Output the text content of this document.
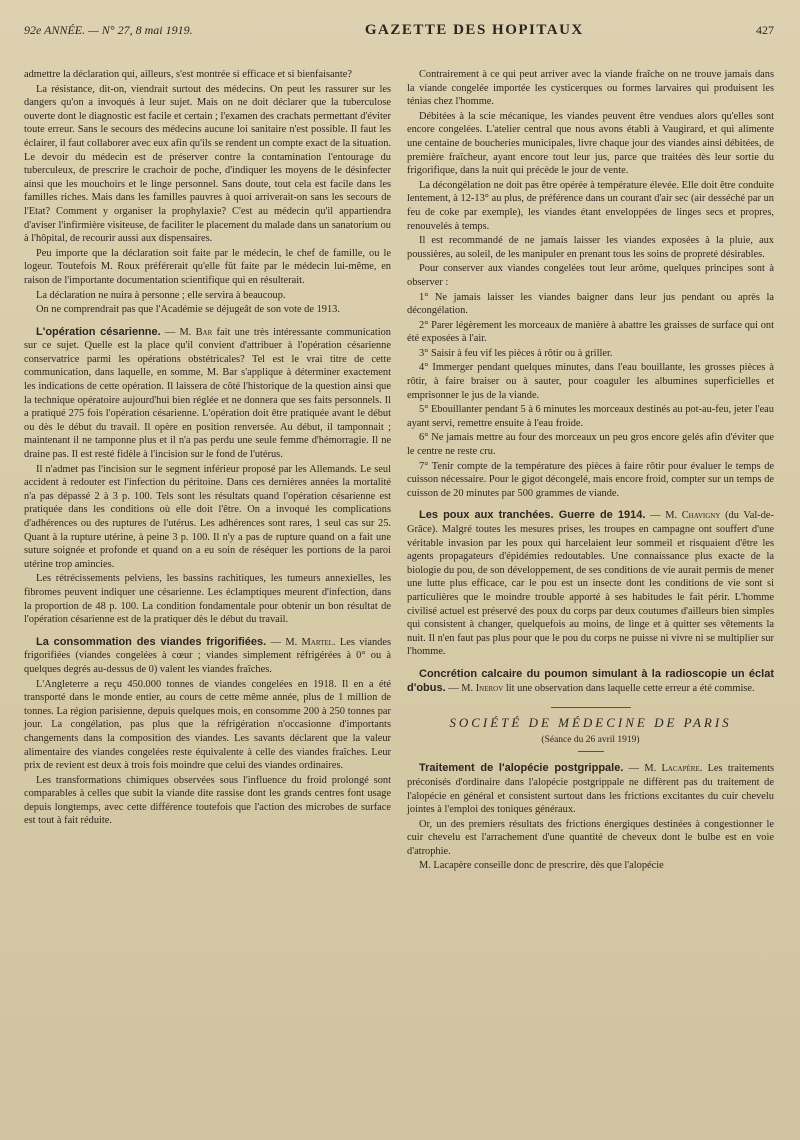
92e ANNÉE. — N° 27, 8 mai 1919.	GAZETTE DES HOPITAUX	427

admettre la déclaration qui, ailleurs, s'est montrée si efficace et si bienfaisante?

La résistance, dit-on, viendrait surtout des médecins. On peut les rassurer sur les dangers qu'on a invoqués à leur sujet. Mais on ne doit déclarer que la tuberculose ouverte dont le diagnostic est facile et certain ; l'examen des crachats permettant d'éviter toute erreur. Sans le secours des médecins aucune loi sanitaire n'est possible. Il faut les éclairer, il faut collaborer avec eux afin qu'ils se rendent un compte exact de la situation. Le devoir du médecin est de préserver contre la contamination l'entourage du tuberculeux, de prescrire le crachoir de poche, d'indiquer les moyens de le désinfecter ainsi que les mouchoirs et le linge personnel. Sans doute, tout cela est facile dans les familles riches. Mais dans les familles pauvres à quoi arriverait-on sans les secours de l'Etat? Comment y organiser la prophylaxie? C'est au médecin qu'il appartiendra d'aviser l'infirmière visiteuse, de faciliter le placement du malade dans un sanatorium ou à l'hôpital, de recourir aussi aux dispensaires.

Peu importe que la déclaration soit faite par le médecin, le chef de famille, ou le logeur. Toutefois M. Roux préférerait qu'elle fût faite par le médecin lui-même, en raison de l'importante documentation scientifique qui en résulterait.

La déclaration ne nuira à personne ; elle servira à beaucoup.

On ne comprendrait pas que l'Académie se déjugeât de son vote de 1913.

L'opération césarienne. — M. Bar fait une très intéressante communication sur ce sujet. Quelle est la place qu'il convient d'attribuer à l'opération césarienne conservatrice parmi les opérations obstétricales? Tel est le vrai titre de cette communication, dans laquelle, en somme, M. Bar s'applique à déterminer exactement les indications de cette opération. Il laissera de côté l'historique de la question ainsi que la technique opératoire aujourd'hui bien réglée et ne donnera que ses faits personnels. Il a pratiqué 275 fois l'opération césarienne. L'opération doit être pratiquée avant le début ou dès le début du travail. Il opère en position renversée. Au début, il tamponnait ; maintenant il ne tamponne plus et il n'a pas perdu une seule femme d'hémorragie. Il ne draine pas. Il est resté fidèle à l'incision sur le fond de l'utérus.

Il n'admet pas l'incision sur le segment inférieur proposé par les Allemands. Le seul accident à redouter est l'infection du péritoine. Dans ces dernières années la mortalité n'a pas dépassé 2 à 3 p. 100. Tels sont les résultats quand l'opération césarienne est pratiquée dans les conditions où elle doit l'être. On a invoqué les complications d'adhérences ou des ruptures de l'utérus. Les adhérences sont rares, 1 seul cas sur 25. Quant à la rupture utérine, à peine 3 p. 100. Il n'y a pas de rupture quand on a fait une suture soignée et profonde et quand on a eu soin de réséquer les portions de la paroi utérine trop amincies.

Les rétrécissements pelviens, les bassins rachitiques, les tumeurs annexielles, les fibromes peuvent indiquer une césarienne. Les éclamptiques meurent d'infection, dans la proportion de 48 p. 100. La condition fondamentale pour obtenir un bon résultat de l'opération césarienne est de la pratiquer dès le début du travail.

La consommation des viandes frigorifiées. — M. Martel. Les viandes frigorifiées (viandes congelées à cœur ; viandes simplement réfrigérées à 0° ou à quelques degrés au-dessus de 0) valent les viandes fraîches.

L'Angleterre a reçu 450.000 tonnes de viandes congelées en 1918. Il en a été transporté dans le monde entier, au cours de cette même année, plus de 1 million de tonnes. La région parisienne, depuis quelques mois, en consomme 200 à 250 tonnes par jour. La congélation, pas plus que la réfrigération n'occasionne d'importants changements dans la composition des viandes. Les savants déclarent que la valeur alimentaire des viandes congelées reste équivalente à celle des viandes fraîches. Leur prix de revient est deux à trois fois moindre que celui des viandes ordinaires.

Les transformations chimiques observées sous l'influence du froid prolongé sont comparables à celles que subit la viande dite rassise dont les grands centres font usage depuis longtemps, avec cette différence toutefois que l'action des microbes de surface est tout à fait réduite.

Contrairement à ce qui peut arriver avec la viande fraîche on ne trouve jamais dans la viande congelée importée les cysticerques ou formes larvaires qui produisent les ténias chez l'homme.

Débitées à la scie mécanique, les viandes peuvent être vendues alors qu'elles sont encore congelées. L'atelier central que nous avons établi à Vaugirard, et qui alimente une centaine de boucheries municipales, livre chaque jour des viandes ainsi débitées, de première fraîcheur, ayant encore tout leur jus, parce que traitées dès leur sortie du frigorifique, dans la nuit qui précède le jour de vente.

La décongélation ne doit pas être opérée à température élevée. Elle doit être conduite lentement, à 12-13° au plus, de préférence dans un courant d'air sec (air desséché par un feu de coke par exemple), les viandes étant enveloppées de linges secs et propres, renouvelés à temps.

Il est recommandé de ne jamais laisser les viandes exposées à la pluie, aux poussières, au soleil, de les manipuler en prenant tous les soins de propreté désirables.

Pour conserver aux viandes congelées tout leur arôme, quelques principes sont à observer :

1° Ne jamais laisser les viandes baigner dans leur jus pendant ou après la décongélation.

2° Parer légèrement les morceaux de manière à abattre les graisses de surface qui ont été exposées à l'air.

3° Saisir à feu vif les pièces à rôtir ou à griller.

4° Immerger pendant quelques minutes, dans l'eau bouillante, les grosses pièces à rôtir, à faire braiser ou à sauter, pour coaguler les albumines superficielles et emprisonner le jus de la viande.

5° Ebouillanter pendant 5 à 6 minutes les morceaux destinés au pot-au-feu, jeter l'eau ayant servi, remettre ensuite à l'eau froide.

6° Ne jamais mettre au four des morceaux un peu gros encore gelés afin d'éviter que le centre ne reste cru.

7° Tenir compte de la température des pièces à faire rôtir pour évaluer le temps de cuisson nécessaire. Pour le gigot décongelé, mais encore froid, compter sur un temps de cuisson de 20 minutes par 500 grammes de viande.

Les poux aux tranchées. Guerre de 1914. — M. Chavigny (du Val-de-Grâce). Malgré toutes les mesures prises, les troupes en campagne ont souffert d'une véritable invasion par les poux qui harcelaient leur sommeil et risquaient d'être les agents propagateurs d'épidémies redoutables. Une connaissance plus exacte de la biologie du pou, de son développement, de ses conditions de vie aurait permis de mener une lutte plus efficace, car le pou est un insecte dont les conditions de vie sont si particulières que le moindre trouble apporté à ses habitudes le fait périr. L'homme civilisé actuel est préservé des poux du corps par deux coutumes d'ailleurs bien simples qui consistent à changer, quelquefois au moins, de linge et à quitter ses vêtements la nuit. Il n'en faut pas plus pour que le pou du corps ne puisse ni vivre ni se multiplier sur l'homme.

Concrétion calcaire du poumon simulant à la radioscopie un éclat d'obus. — M. Inerov lit une observation dans laquelle cette erreur a été commise.

SOCIÉTÉ DE MÉDECINE DE PARIS
(Séance du 26 avril 1919)

Traitement de l'alopécie postgrippale. — M. Lacapère. Les traitements préconisés d'ordinaire dans l'alopécie postgrippale ne diffèrent pas du traitement de l'alopécie en général et consistent surtout dans les frictions excitantes du cuir chevelu jointes à l'emploi des toniques généraux.

Or, un des premiers résultats des frictions énergiques destinées à congestionner le cuir chevelu est l'arrachement d'une quantité de cheveux dont le bulbe est en voie d'atrophie.

M. Lacapère conseille donc de prescrire, dès que l'alopécie
